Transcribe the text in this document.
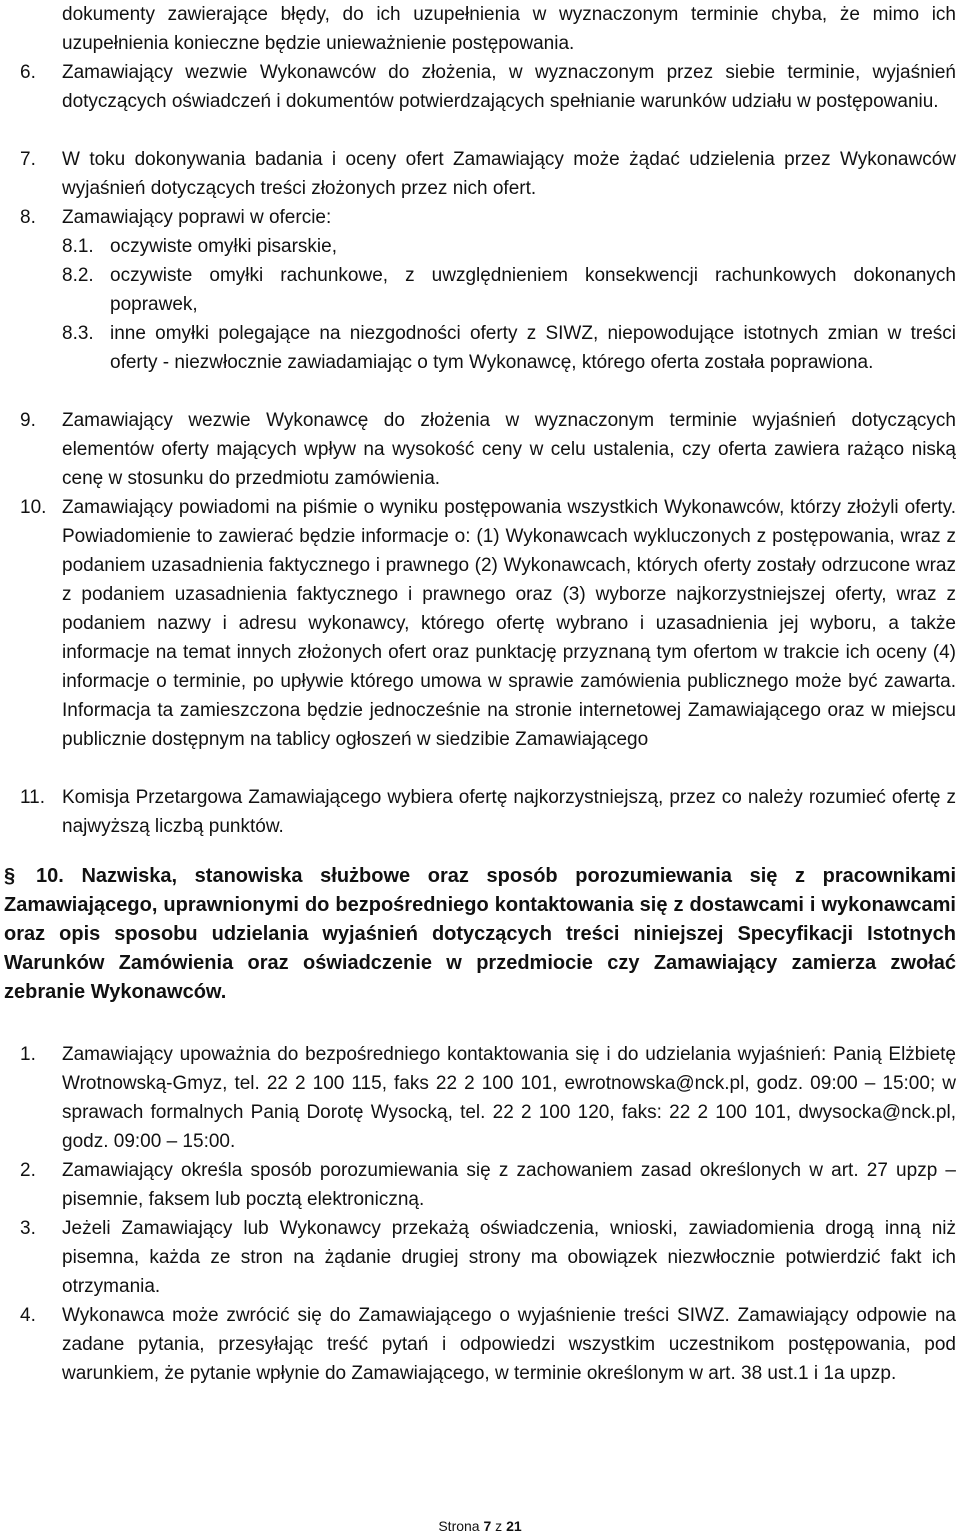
dokumenty zawierające błędy, do ich uzupełnienia w wyznaczonym terminie chyba, że mimo ich uzupełnienia konieczne będzie unieważnienie postępowania.

6.	Zamawiający wezwie Wykonawców do złożenia, w wyznaczonym przez siebie terminie, wyjaśnień dotyczących oświadczeń i dokumentów potwierdzających spełnianie warunków udziału w postępowaniu.
7.	W toku dokonywania badania i oceny ofert Zamawiający może żądać udzielenia przez Wykonawców wyjaśnień dotyczących treści złożonych przez nich ofert.
8.	Zamawiający poprawi w ofercie:
8.1. oczywiste omyłki pisarskie,
8.2. oczywiste omyłki rachunkowe, z uwzględnieniem konsekwencji rachunkowych dokonanych poprawek,
8.3. inne omyłki polegające na niezgodności oferty z SIWZ, niepowodujące istotnych zmian w treści oferty - niezwłocznie zawiadamiając o tym Wykonawcę, którego oferta została poprawiona.
9.	Zamawiający wezwie Wykonawcę do złożenia w wyznaczonym terminie wyjaśnień dotyczących elementów oferty mających wpływ na wysokość ceny w celu ustalenia, czy oferta zawiera rażąco niską cenę w stosunku do przedmiotu zamówienia.
10. Zamawiający powiadomi na piśmie o wyniku postępowania wszystkich Wykonawców, którzy złożyli oferty. Powiadomienie to zawierać będzie informacje o: (1) Wykonawcach wykluczonych z postępowania, wraz z podaniem uzasadnienia faktycznego i prawnego (2) Wykonawcach, których oferty zostały odrzucone wraz z podaniem uzasadnienia faktycznego i prawnego oraz (3) wyborze najkorzystniejszej oferty, wraz z podaniem nazwy i adresu wykonawcy, którego ofertę wybrano i uzasadnienia jej wyboru, a także informacje na temat innych złożonych ofert oraz punktację przyznaną tym ofertom w trakcie ich oceny (4) informacje o terminie, po upływie którego umowa w sprawie zamówienia publicznego może być zawarta. Informacja ta zamieszczona będzie jednocześnie na stronie internetowej Zamawiającego oraz w miejscu publicznie dostępnym na tablicy ogłoszeń w siedzibie Zamawiającego
11. Komisja Przetargowa Zamawiającego wybiera ofertę najkorzystniejszą, przez co należy rozumieć ofertę z najwyższą liczbą punktów.

§ 10. Nazwiska, stanowiska służbowe oraz sposób porozumiewania się z pracownikami Zamawiającego, uprawnionymi do bezpośredniego kontaktowania się z dostawcami i wykonawcami oraz opis sposobu udzielania wyjaśnień dotyczących treści niniejszej Specyfikacji Istotnych Warunków Zamówienia oraz oświadczenie w przedmiocie czy Zamawiający zamierza zwołać zebranie Wykonawców.

1.	Zamawiający upoważnia do bezpośredniego kontaktowania się i do udzielania wyjaśnień: Panią Elżbietę Wrotnowską-Gmyz, tel. 22 2 100 115, faks 22 2 100 101, ewrotnowska@nck.pl, godz. 09:00 – 15:00; w sprawach formalnych Panią Dorotę Wysocką, tel. 22 2 100 120, faks: 22 2 100 101, dwysocka@nck.pl, godz. 09:00 – 15:00.
2.	Zamawiający określa sposób porozumiewania się z zachowaniem zasad określonych w art. 27 upzp – pisemnie, faksem lub pocztą elektroniczną.
3.	Jeżeli Zamawiający lub Wykonawcy przekażą oświadczenia, wnioski, zawiadomienia drogą inną niż pisemna, każda ze stron na żądanie drugiej strony ma obowiązek niezwłocznie potwierdzić fakt ich otrzymania.
4.	Wykonawca może zwrócić się do Zamawiającego o wyjaśnienie treści SIWZ. Zamawiający odpowie na zadane pytania, przesyłając treść pytań i odpowiedzi wszystkim uczestnikom postępowania, pod warunkiem, że pytanie wpłynie do Zamawiającego, w terminie określonym w art. 38 ust.1 i 1a upzp.
Strona 7 z 21
